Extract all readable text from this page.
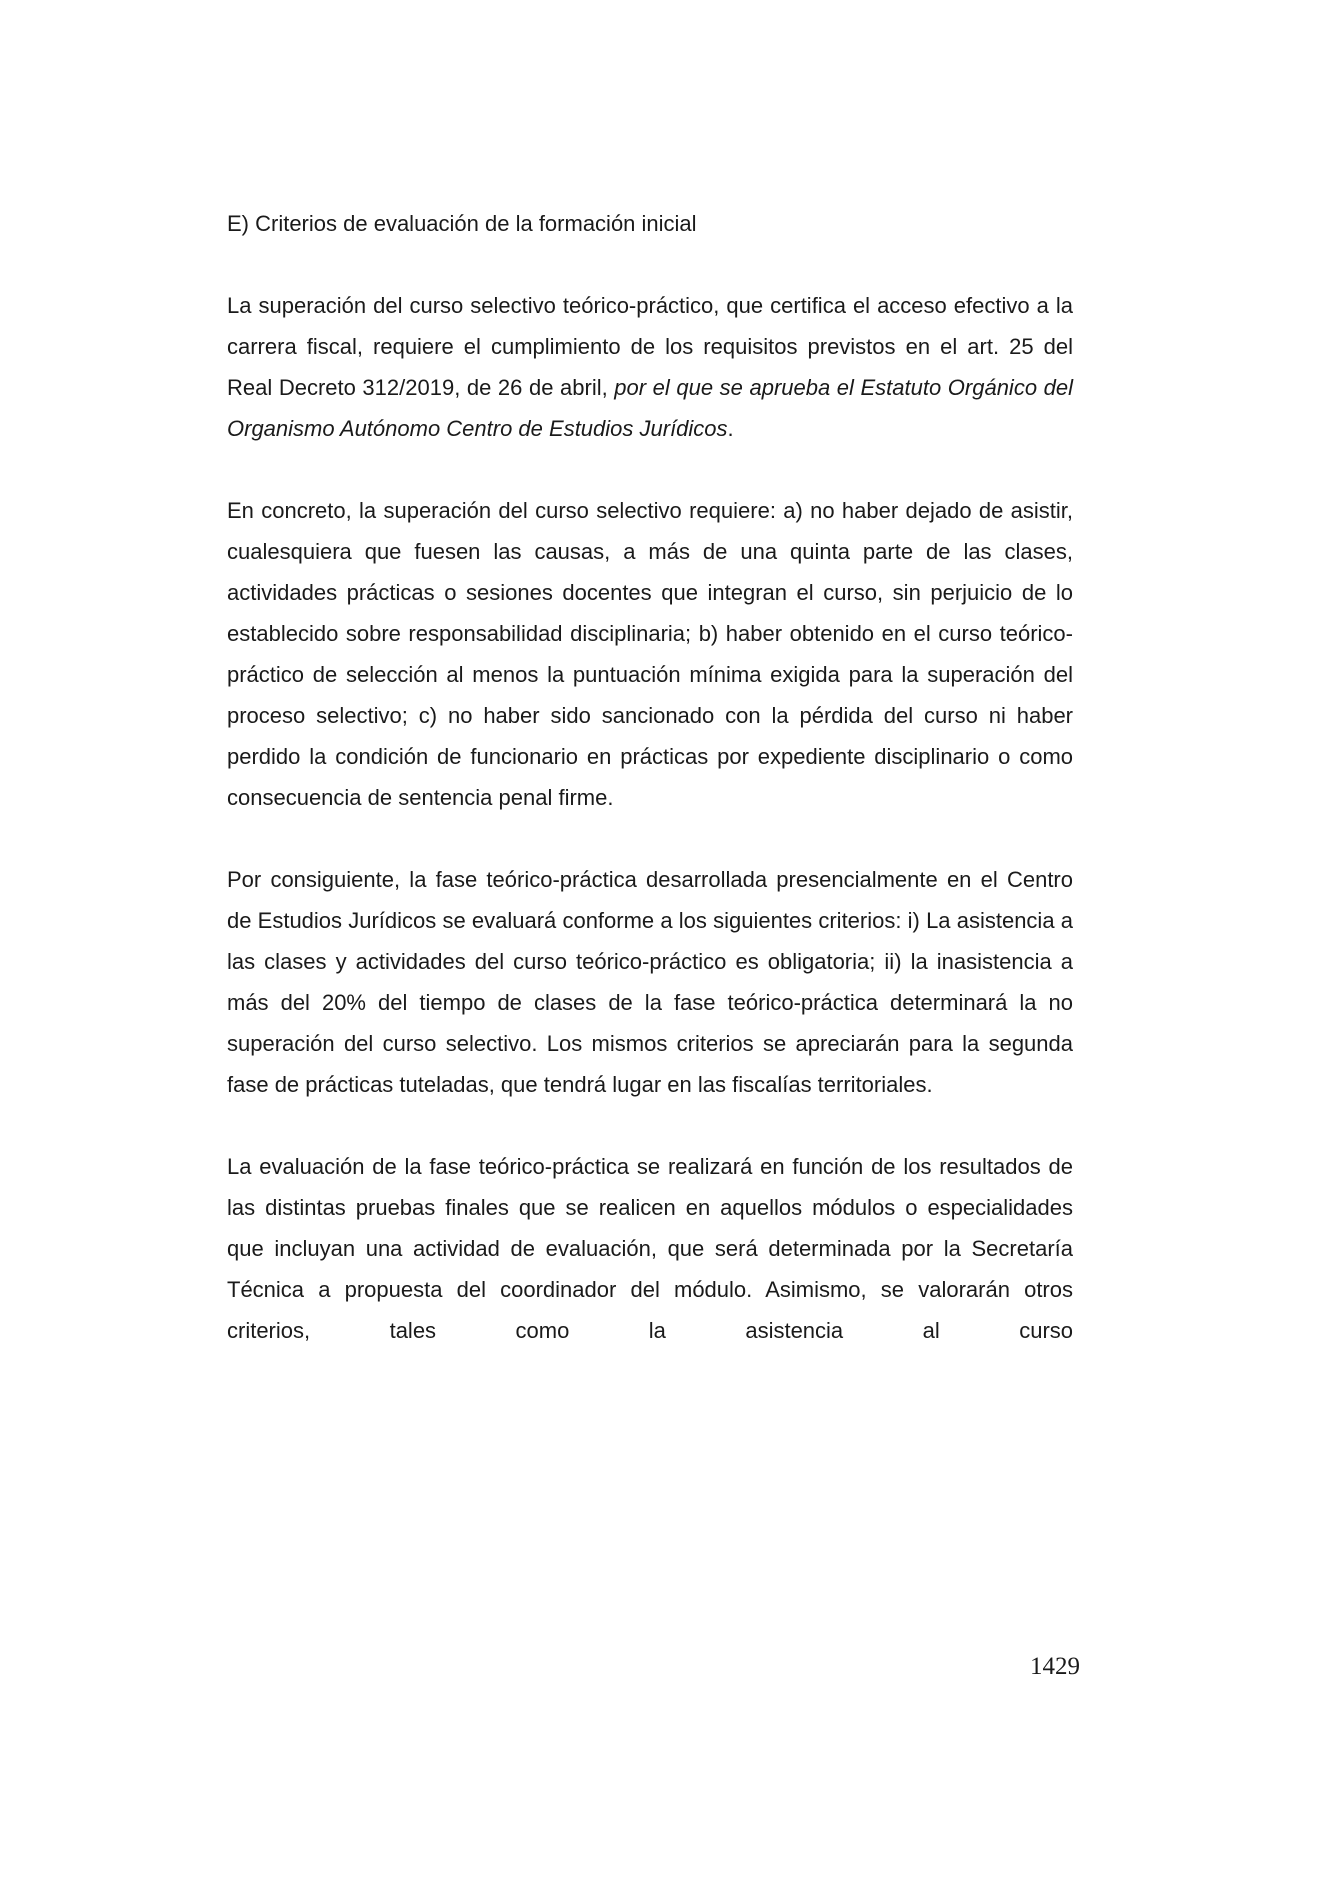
E) Criterios de evaluación de la formación inicial

La superación del curso selectivo teórico-práctico, que certifica el acceso efectivo a la carrera fiscal, requiere el cumplimiento de los requisitos previstos en el art. 25 del Real Decreto 312/2019, de 26 de abril, por el que se aprueba el Estatuto Orgánico del Organismo Autónomo Centro de Estudios Jurídicos.

En concreto, la superación del curso selectivo requiere: a) no haber dejado de asistir, cualesquiera que fuesen las causas, a más de una quinta parte de las clases, actividades prácticas o sesiones docentes que integran el curso, sin perjuicio de lo establecido sobre responsabilidad disciplinaria; b) haber obtenido en el curso teórico-práctico de selección al menos la puntuación mínima exigida para la superación del proceso selectivo; c) no haber sido sancionado con la pérdida del curso ni haber perdido la condición de funcionario en prácticas por expediente disciplinario o como consecuencia de sentencia penal firme.

Por consiguiente, la fase teórico-práctica desarrollada presencialmente en el Centro de Estudios Jurídicos se evaluará conforme a los siguientes criterios: i) La asistencia a las clases y actividades del curso teórico-práctico es obligatoria; ii) la inasistencia a más del 20% del tiempo de clases de la fase teórico-práctica determinará la no superación del curso selectivo. Los mismos criterios se apreciarán para la segunda fase de prácticas tuteladas, que tendrá lugar en las fiscalías territoriales.

La evaluación de la fase teórico-práctica se realizará en función de los resultados de las distintas pruebas finales que se realicen en aquellos módulos o especialidades que incluyan una actividad de evaluación, que será determinada por la Secretaría Técnica a propuesta del coordinador del módulo. Asimismo, se valorarán otros criterios, tales como la asistencia al curso

1429
